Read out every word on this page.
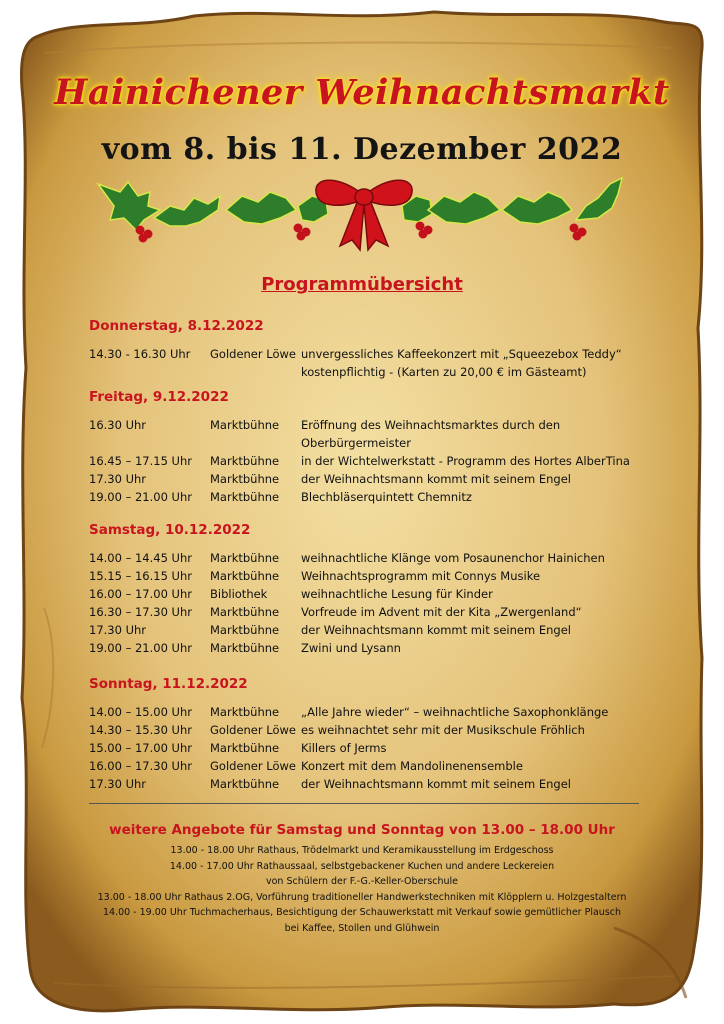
Hainichener Weihnachtsmarkt
vom 8. bis 11. Dezember 2022
Programmübersicht
Donnerstag, 8.12.2022
14.30 - 16.30 Uhr Goldener Löwe unvergessliches Kaffeekonzert mit „Squeezebox Teddy“
kostenpflichtig - (Karten zu 20,00 € im Gästeamt)
Freitag, 9.12.2022
16.30 Uhr	Marktbühne Eröffnung des Weihnachtsmarktes durch den
Oberbürgermeister
16.45 – 17.15 Uhr Marktbühne in der Wichtelwerkstatt - Programm des Hortes AlberTina
17.30 Uhr	Marktbühne der Weihnachtsmann kommt mit seinem Engel
19.00 – 21.00 Uhr Marktbühne Blechbläserquintett Chemnitz
Samstag, 10.12.2022
14.00 – 14.45 Uhr Marktbühne weihnachtliche Klänge vom Posaunenchor Hainichen
15.15 – 16.15 Uhr Marktbühne Weihnachtsprogramm mit Connys Musike
16.00 – 17.00 Uhr Bibliothek	weihnachtliche Lesung für Kinder
16.30 – 17.30 Uhr Marktbühne Vorfreude im Advent mit der Kita „Zwergenland“
17.30 Uhr	Marktbühne der Weihnachtsmann kommt mit seinem Engel
19.00 – 21.00 Uhr Marktbühne Zwini und Lysann
Sonntag, 11.12.2022
14.00 – 15.00 Uhr Marktbühne „Alle Jahre wieder“ – weihnachtliche Saxophonklänge
14.30 – 15.30 Uhr Goldener Löwe es weihnachtet sehr mit der Musikschule Fröhlich
15.00 – 17.00 Uhr Marktbühne Killers of Jerms
16.00 – 17.30 Uhr Goldener Löwe Konzert mit dem Mandolinenensemble
17.30 Uhr	Marktbühne der Weihnachtsmann kommt mit seinem Engel
weitere Angebote für Samstag und Sonntag von 13.00 – 18.00 Uhr
13.00 - 18.00 Uhr Rathaus, Trödelmarkt und Keramikausstellung im Erdgeschoss
14.00 - 17.00 Uhr Rathaussaal, selbstgebackener Kuchen und andere Leckereien
von Schülern der F.-G.-Keller-Oberschule
13.00 - 18.00 Uhr Rathaus 2.OG, Vorführung traditioneller Handwerkstechniken mit Klöpplern u. Holzgestaltern
14.00 - 19.00 Uhr Tuchmacherhaus, Besichtigung der Schauwerkstatt mit Verkauf sowie gemütlicher Plausch
bei Kaffee, Stollen und Glühwein
